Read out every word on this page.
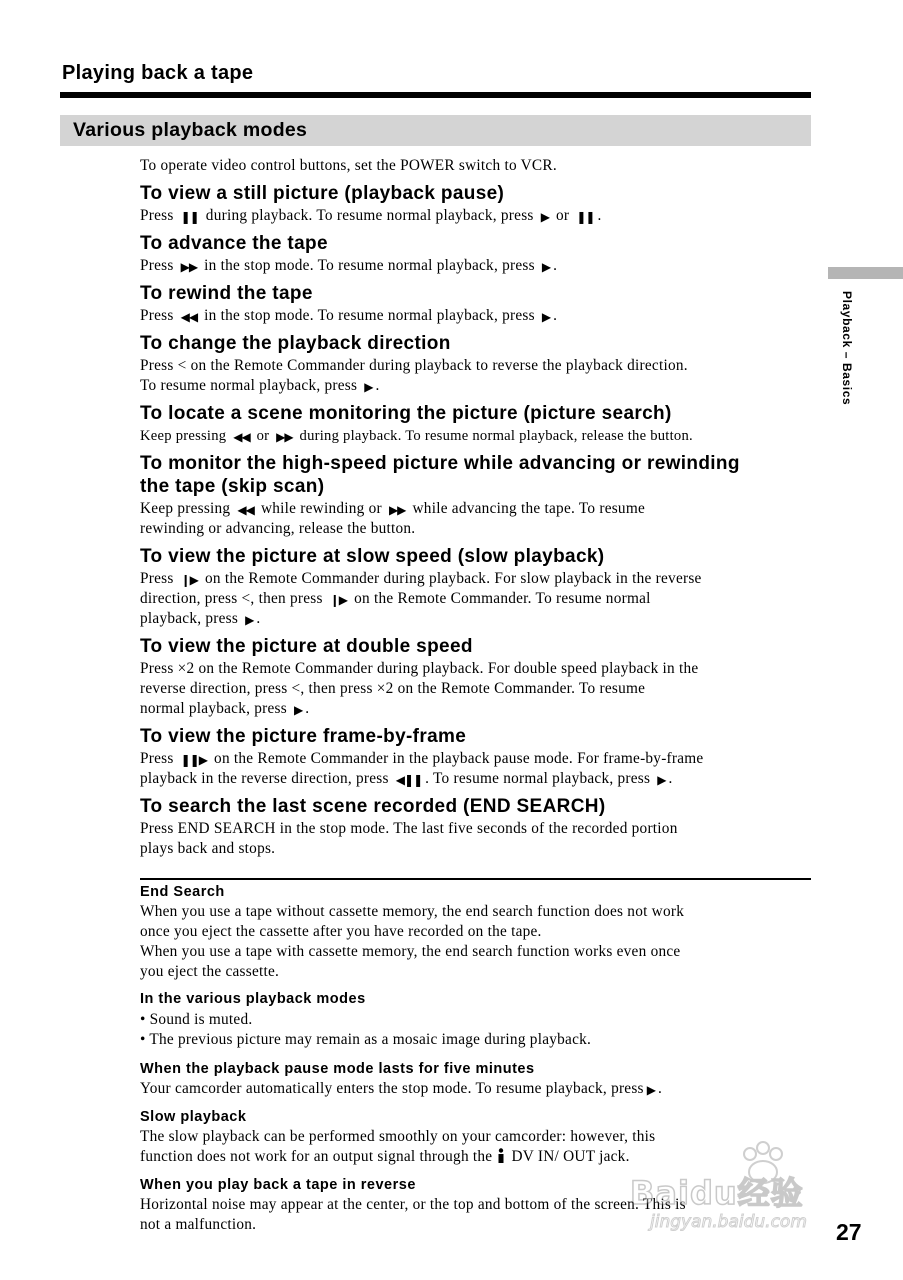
Playing back a tape
Various playback modes
To operate video control buttons, set the POWER switch to VCR.
To view a still picture (playback pause)
Press ❚❚ during playback. To resume normal playback, press ▶ or ❚❚ .
To advance the tape
Press ▶▶ in the stop mode. To resume normal playback, press ▶ .
To rewind the tape
Press ◀◀ in the stop mode. To resume normal playback, press ▶ .
To change the playback direction
Press < on the Remote Commander during playback to reverse the playback direction.
To resume normal playback, press ▶ .
To locate a scene monitoring the picture (picture search)
Keep pressing ◀◀ or ▶▶ during playback. To resume normal playback, release the button.
To monitor the high-speed picture while advancing or rewinding the tape (skip scan)
Keep pressing ◀◀ while rewinding or ▶▶ while advancing the tape. To resume
rewinding or advancing, release the button.
To view the picture at slow speed (slow playback)
Press ❙▶ on the Remote Commander during playback. For slow playback in the reverse
direction, press <, then press ❙▶ on the Remote Commander. To resume normal
playback, press ▶ .
To view the picture at double speed
Press ×2 on the Remote Commander during playback. For double speed playback in the
reverse direction, press <, then press ×2 on the Remote Commander. To resume
normal playback, press ▶ .
To view the picture frame-by-frame
Press ❚❚▶ on the Remote Commander in the playback pause mode. For frame-by-frame
playback in the reverse direction, press ◀❚❚ . To resume normal playback, press ▶ .
To search the last scene recorded (END SEARCH)
Press END SEARCH in the stop mode. The last five seconds of the recorded portion
plays back and stops.
End Search
When you use a tape without cassette memory, the end search function does not work
once you eject the cassette after you have recorded on the tape.
When you use a tape with cassette memory, the end search function works even once
you eject the cassette.
In the various playback modes
• Sound is muted.
• The previous picture may remain as a mosaic image during playback.
When the playback pause mode lasts for five minutes
Your camcorder automatically enters the stop mode. To resume playback, press ▶ .
Slow playback
The slow playback can be performed smoothly on your camcorder: however, this
function does not work for an output signal through the  DV IN/ OUT jack.
When you play back a tape in reverse
Horizontal noise may appear at the center, or the top and bottom of the screen. This is
not a malfunction.
Playback – Basics
Baidu经验
jingyan.baidu.com 27
